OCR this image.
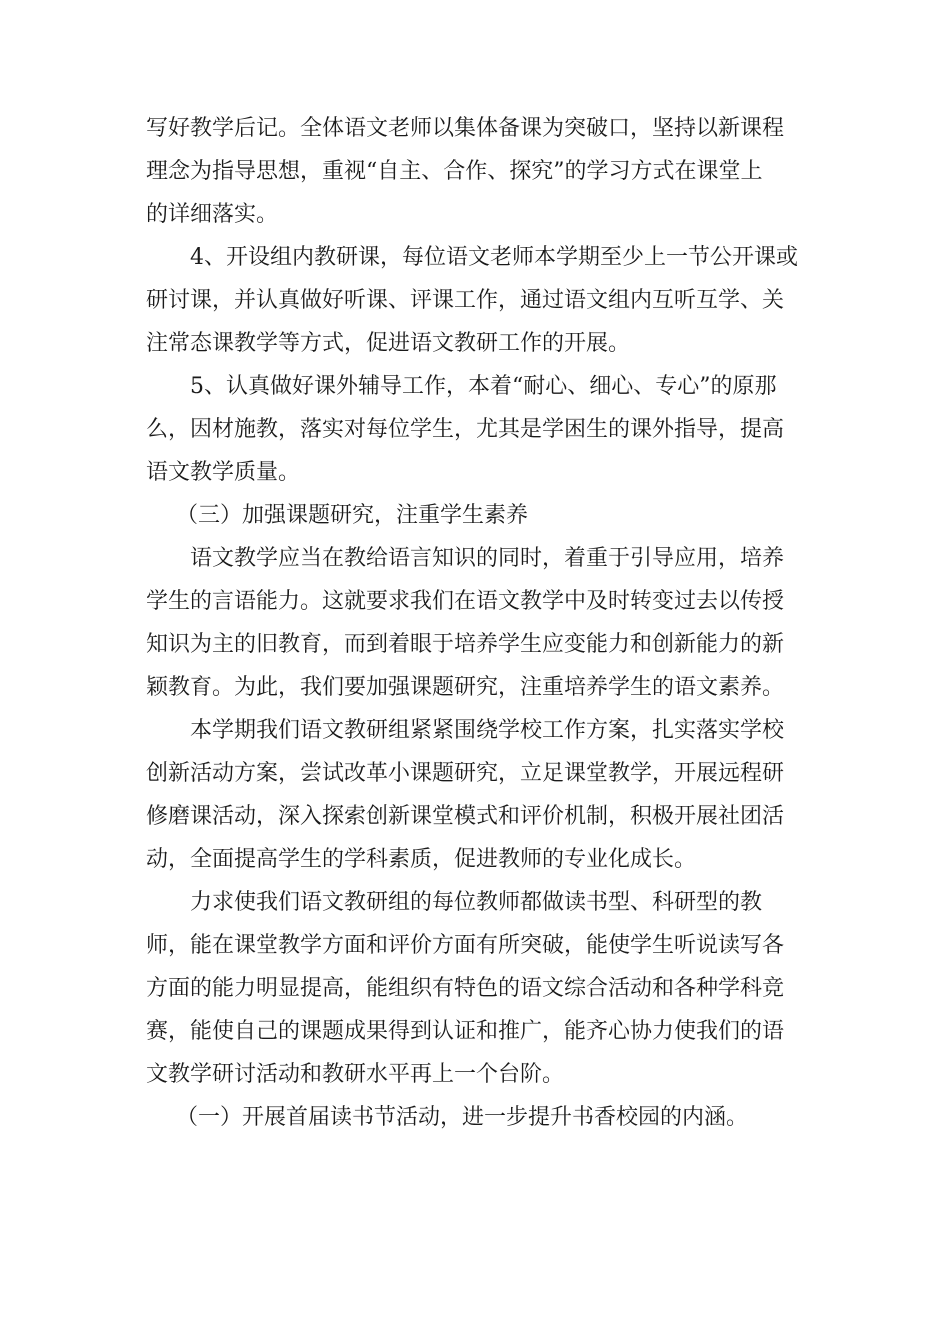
写好教学后记。全体语文老师以集体备课为突破口，坚持以新课程
理念为指导思想，重视“自主、合作、探究”的学习方式在课堂上
的详细落实。
4、开设组内教研课，每位语文老师本学期至少上一节公开课或
研讨课，并认真做好听课、评课工作，通过语文组内互听互学、关
注常态课教学等方式，促进语文教研工作的开展。
5、认真做好课外辅导工作，本着“耐心、细心、专心”的原那
么，因材施教，落实对每位学生，尤其是学困生的课外指导，提高
语文教学质量。
（三）加强课题研究，注重学生素养
语文教学应当在教给语言知识的同时，着重于引导应用，培养
学生的言语能力。这就要求我们在语文教学中及时转变过去以传授
知识为主的旧教育，而到着眼于培养学生应变能力和创新能力的新
颖教育。为此，我们要加强课题研究，注重培养学生的语文素养。
本学期我们语文教研组紧紧围绕学校工作方案，扎实落实学校
创新活动方案，尝试改革小课题研究，立足课堂教学，开展远程研
修磨课活动，深入探索创新课堂模式和评价机制，积极开展社团活
动，全面提高学生的学科素质，促进教师的专业化成长。
力求使我们语文教研组的每位教师都做读书型、科研型的教
师，能在课堂教学方面和评价方面有所突破，能使学生听说读写各
方面的能力明显提高，能组织有特色的语文综合活动和各种学科竞
赛，能使自己的课题成果得到认证和推广，能齐心协力使我们的语
文教学研讨活动和教研水平再上一个台阶。
（一）开展首届读书节活动，进一步提升书香校园的内涵。
